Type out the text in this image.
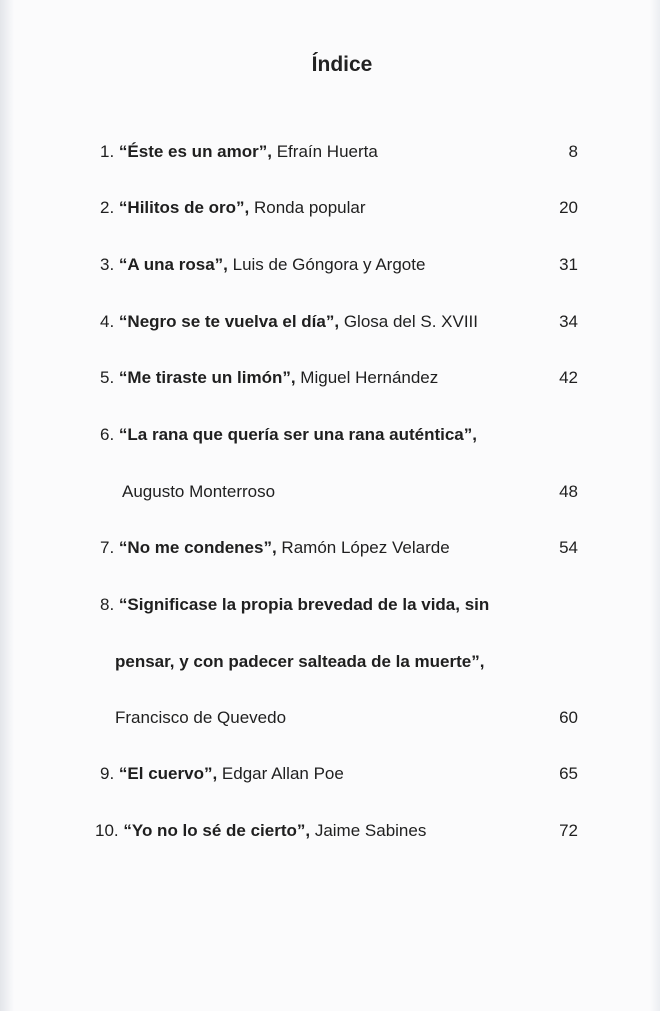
Índice
1. “Éste es un amor”, Efraín Huerta	8
2. “Hilitos de oro”, Ronda popular	20
3. “A una rosa”, Luis de Góngora y Argote	31
4. “Negro se te vuelva el día”, Glosa del S. XVIII	34
5. “Me tiraste un limón”, Miguel Hernández	42
6. “La rana que quería ser una rana auténtica”,
Augusto Monterroso	48
7. “No me condenes”, Ramón López Velarde	54
8. “Significase la propia brevedad de la vida, sin
pensar, y con padecer salteada de la muerte”,
Francisco de Quevedo	60
9. “El cuervo”, Edgar Allan Poe	65
10. “Yo no lo sé de cierto”, Jaime Sabines	72
